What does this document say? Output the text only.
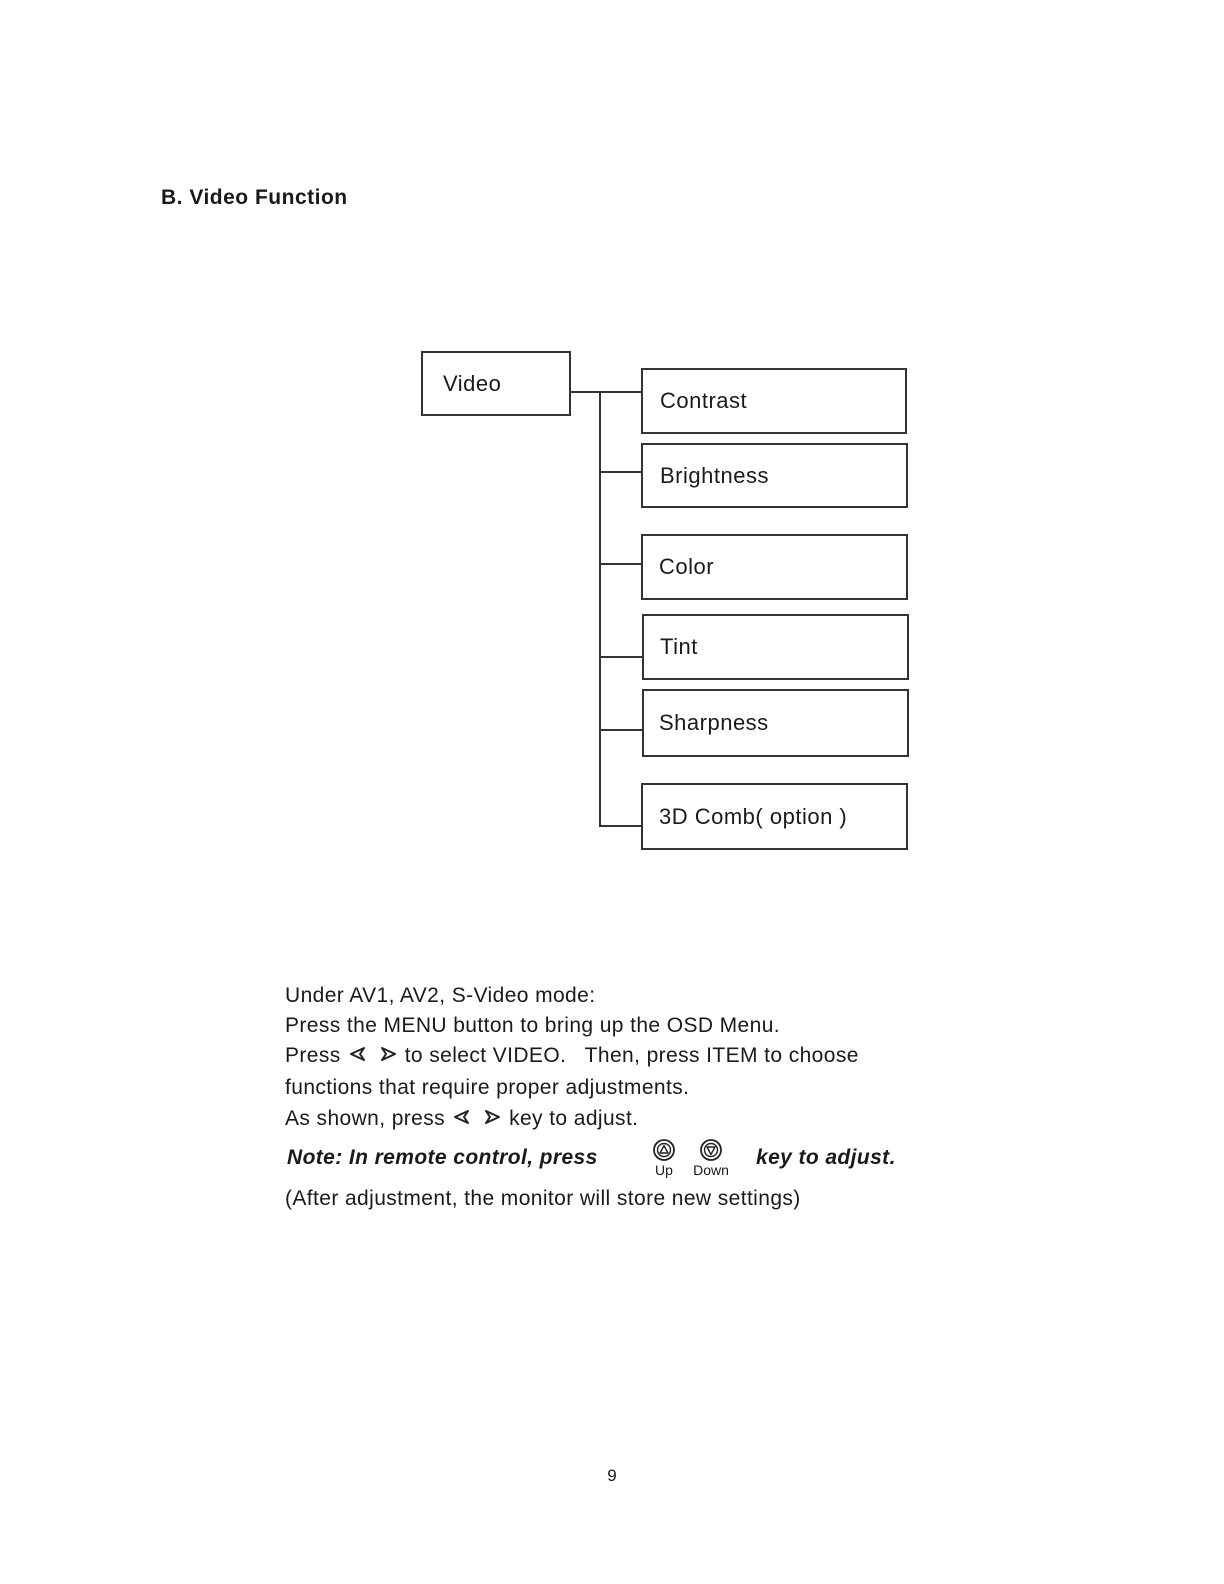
B. Video Function
Video
Contrast
Brightness
Color
Tint
Sharpness
3D Comb( option )
Under AV1, AV2, S-Video mode:
Press the MENU button to bring up the OSD Menu.
Press	to select VIDEO.   Then, press ITEM to choose
functions that require proper adjustments.
As shown, press	key to adjust.
Note: In remote control, press
Up	Down
key to adjust.
(After adjustment, the monitor will store new settings)
9
